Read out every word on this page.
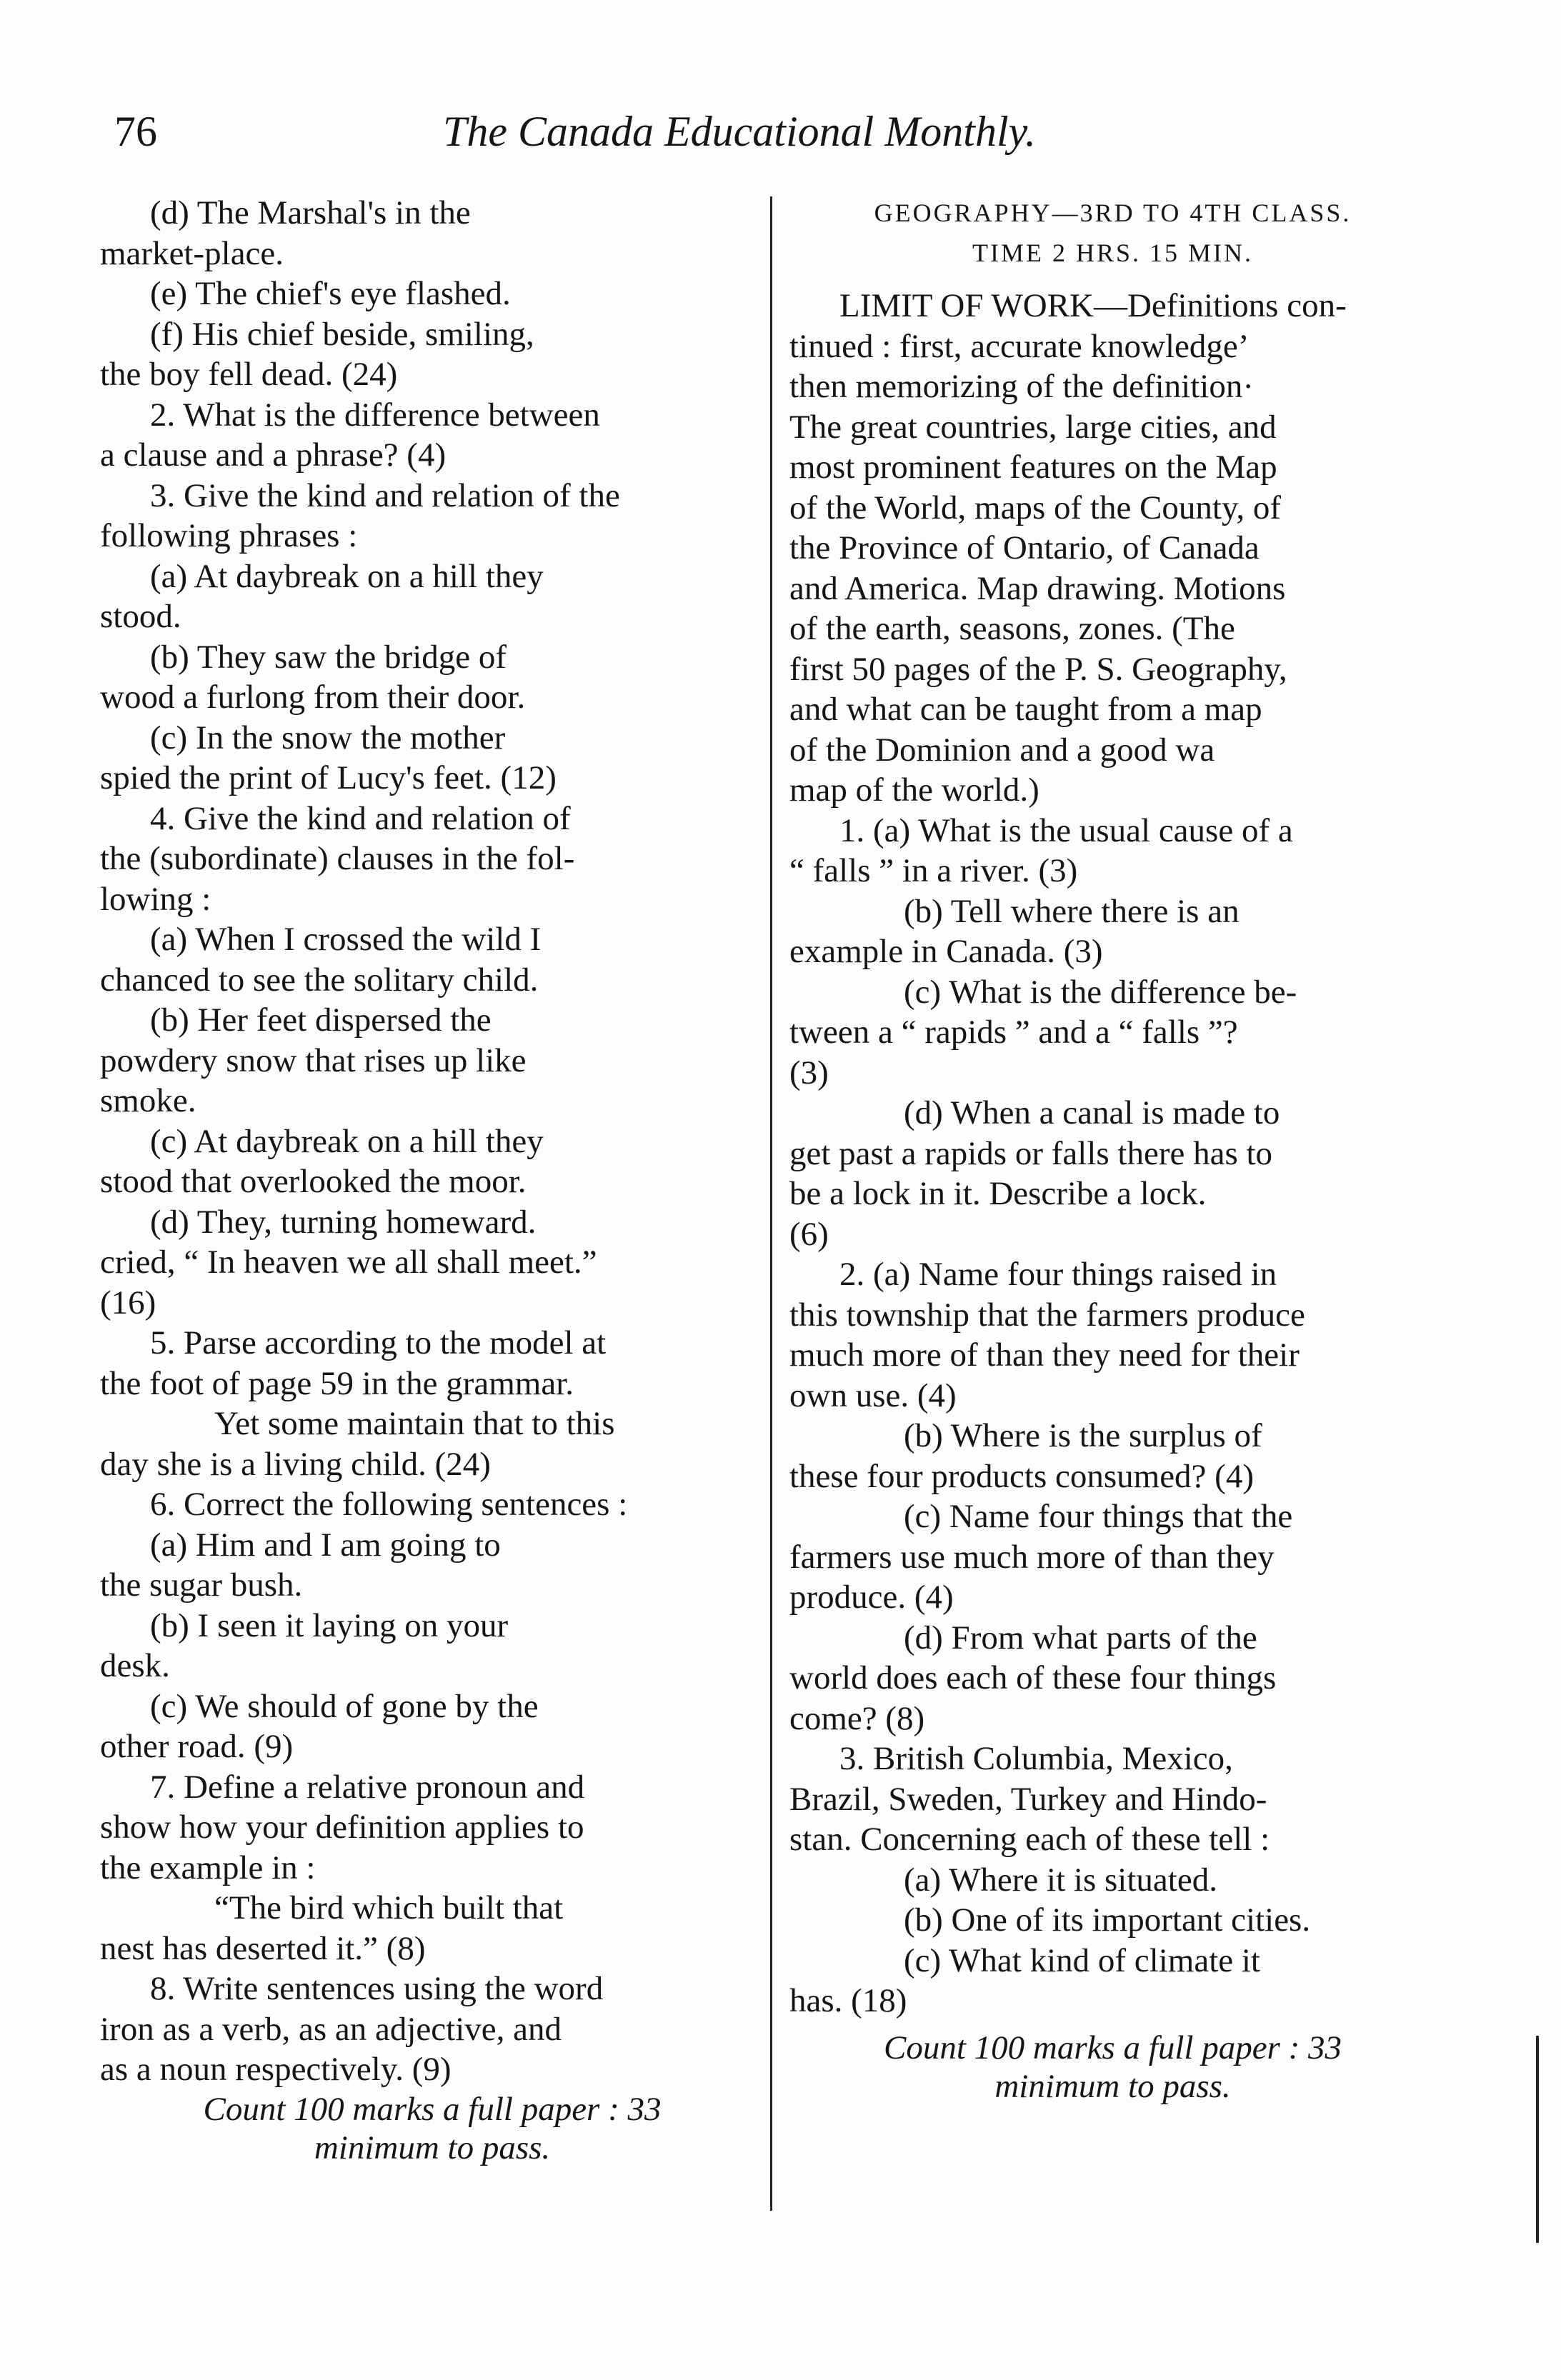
76	The Canada Educational Monthly.
(d) The Marshal's in the
market-place.
(e) The chief's eye flashed.
(f) His chief beside, smiling,
the boy fell dead. (24)
2. What is the difference between
a clause and a phrase? (4)
3. Give the kind and relation of the
following phrases :
(a) At daybreak on a hill they
stood.
(b) They saw the bridge of
wood a furlong from their door.
(c) In the snow the mother
spied the print of Lucy's feet. (12)
4. Give the kind and relation of
the (subordinate) clauses in the fol-
lowing :
(a) When I crossed the wild I
chanced to see the solitary child.
(b) Her feet dispersed the
powdery snow that rises up like
smoke.
(c) At daybreak on a hill they
stood that overlooked the moor.
(d) They, turning homeward.
cried, “ In heaven we all shall meet.”
(16)
5. Parse according to the model at
the foot of page 59 in the grammar.
Yet some maintain that to this
day she is a living child. (24)
6. Correct the following sentences :
(a) Him and I am going to
the sugar bush.
(b) I seen it laying on your
desk.
(c) We should of gone by the
other road. (9)
7. Define a relative pronoun and
show how your definition applies to
the example in :
“The bird which built that
nest has deserted it.” (8)
8. Write sentences using the word
iron as a verb, as an adjective, and
as a noun respectively. (9)
Count 100 marks a full paper : 33
minimum to pass.
GEOGRAPHY—3RD TO 4TH CLASS.
TIME 2 HRS. 15 MIN.
LIMIT OF WORK—Definitions con-
tinued : first, accurate knowledge’
then memorizing of the definition·
The great countries, large cities, and
most prominent features on the Map
of the World, maps of the County, of
the Province of Ontario, of Canada
and America. Map drawing. Motions
of the earth, seasons, zones. (The
first 50 pages of the P. S. Geography,
and what can be taught from a map
of the Dominion and a good wa
map of the world.)
1. (a) What is the usual cause of a
“ falls ” in a river. (3)
(b) Tell where there is an
example in Canada. (3)
(c) What is the difference be-
tween a “ rapids ” and a “ falls ”?
(3)
(d) When a canal is made to
get past a rapids or falls there has to
be a lock in it. Describe a lock.
(6)
2. (a) Name four things raised in
this township that the farmers produce
much more of than they need for their
own use. (4)
(b) Where is the surplus of
these four products consumed? (4)
(c) Name four things that the
farmers use much more of than they
produce. (4)
(d) From what parts of the
world does each of these four things
come? (8)
3. British Columbia, Mexico,
Brazil, Sweden, Turkey and Hindo-
stan. Concerning each of these tell :
(a) Where it is situated.
(b) One of its important cities.
(c) What kind of climate it
has. (18)
Count 100 marks a full paper : 33
minimum to pass.
